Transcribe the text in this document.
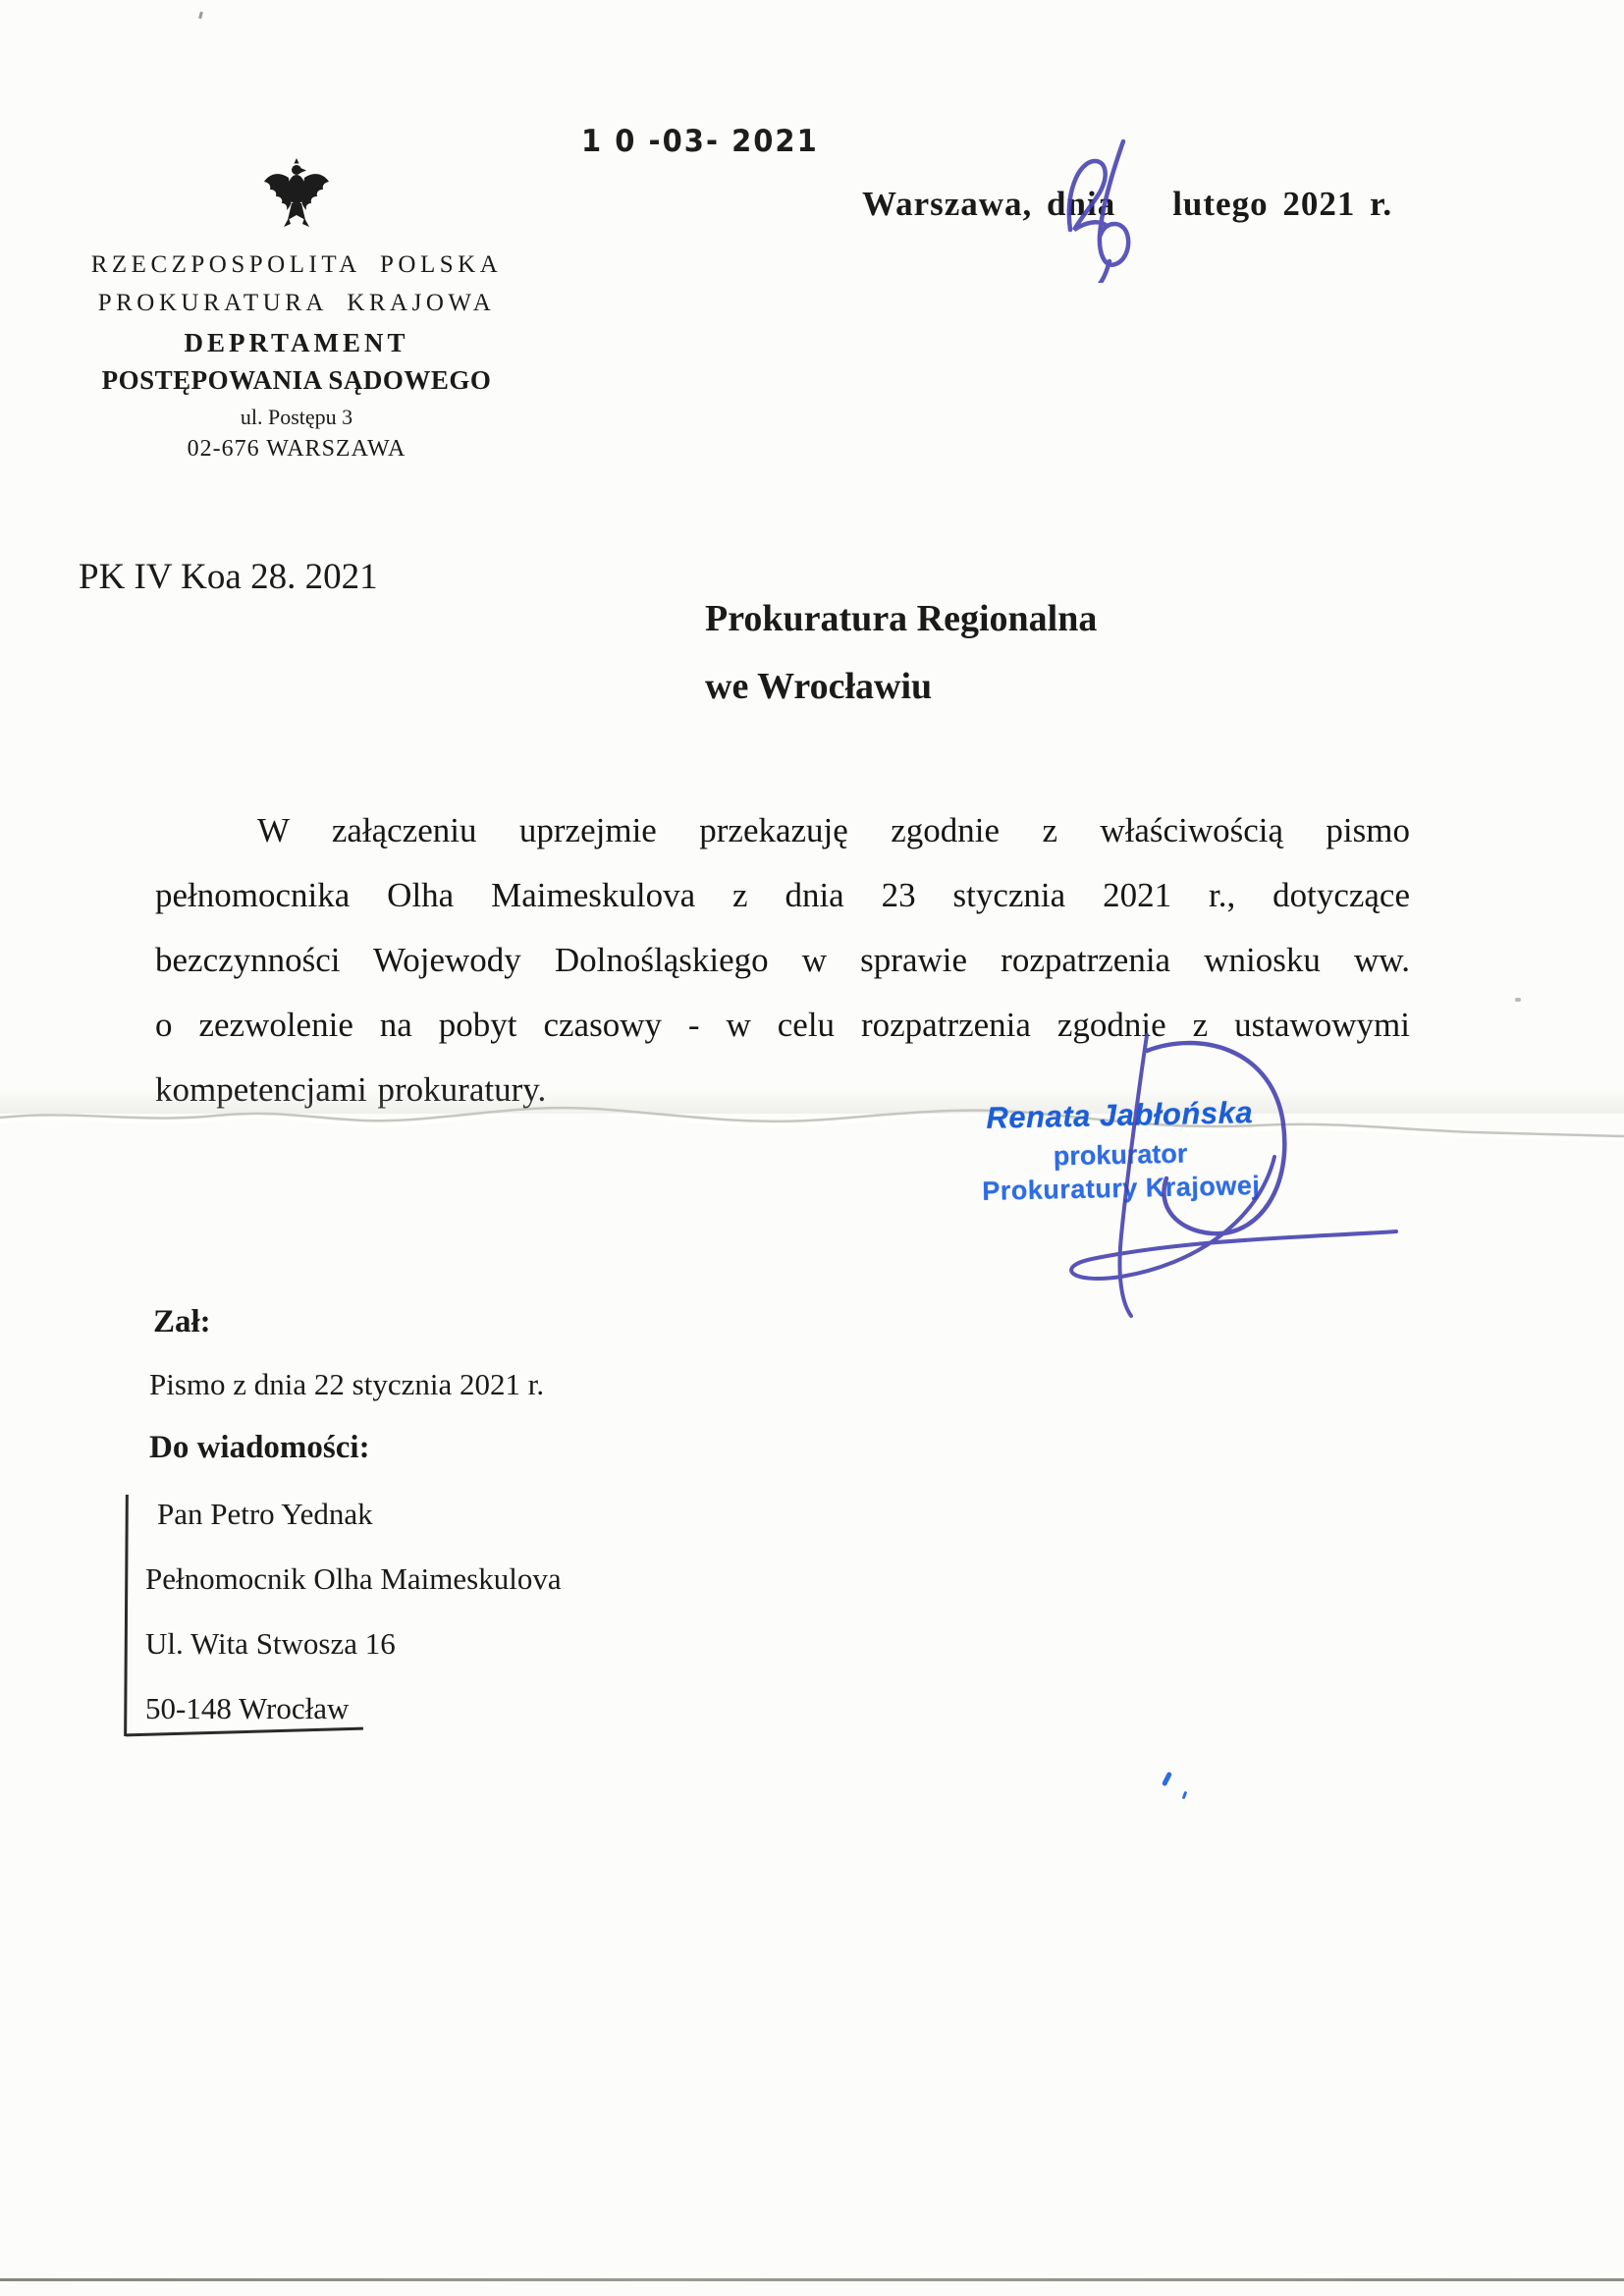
1 0 -03- 2021
Warszawa, dnia lutego 2021 r.
RZECZPOSPOLITA POLSKA
PROKURATURA KRAJOWA
DEPRTAMENT
POSTĘPOWANIA SĄDOWEGO
ul. Postępu 3
02-676 WARSZAWA
PK IV Koa 28. 2021
Prokuratura Regionalna
we Wrocławiu
W załączeniu uprzejmie przekazuję zgodnie z właściwością pismo
pełnomocnika Olha Maimeskulova z dnia 23 stycznia 2021 r., dotyczące
bezczynności Wojewody Dolnośląskiego w sprawie rozpatrzenia wniosku ww.
o zezwolenie na pobyt czasowy - w celu rozpatrzenia zgodnie z ustawowymi
Renata Jabłońska
prokurator
Prokuratury Krajowej
Zał:
Pismo z dnia 22 stycznia 2021 r.
Do wiadomości:
Pan Petro Yednak
Pełnomocnik Olha Maimeskulova
Ul. Wita Stwosza 16
50-148 Wrocław
